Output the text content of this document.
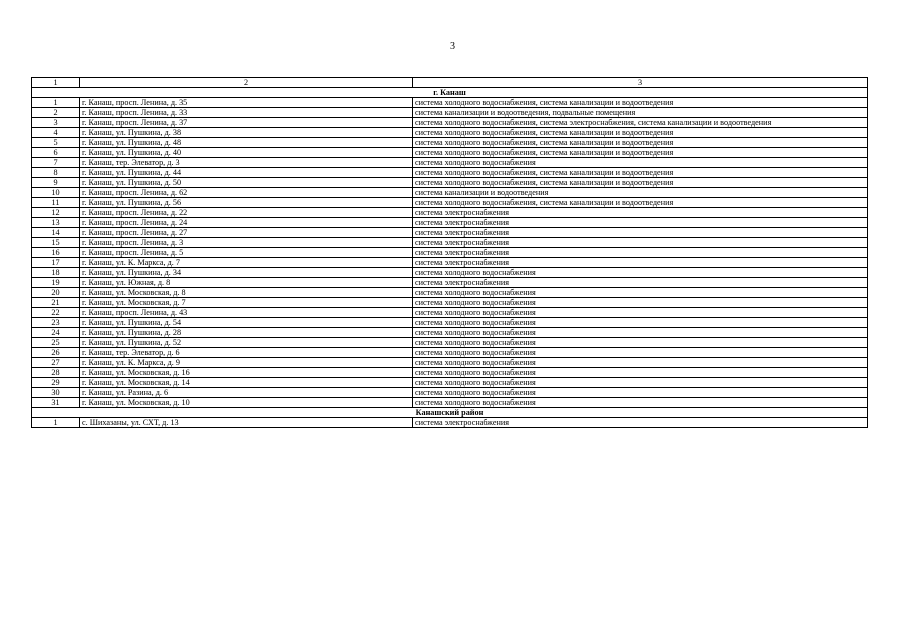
3
1	2	3
г. Канаш		
1	г. Канаш, просп. Ленина, д. 35	система холодного водоснабжения, система канализации и водоотведения
2	г. Канаш, просп. Ленина, д. 33	система канализации и водоотведения, подвальные помещения
3	г. Канаш, просп. Ленина, д. 37	система холодного водоснабжения, система электроснабжения, система канализации и водоотведения
4	г. Канаш, ул. Пушкина, д. 38	система холодного водоснабжения, система канализации и водоотведения
5	г. Канаш, ул. Пушкина, д. 48	система холодного водоснабжения, система канализации и водоотведения
6	г. Канаш, ул. Пушкина, д. 40	система холодного водоснабжения, система канализации и водоотведения
7	г. Канаш, тер. Элеватор, д. 3	система холодного водоснабжения
8	г. Канаш, ул. Пушкина, д. 44	система холодного водоснабжения, система канализации и водоотведения
9	г. Канаш, ул. Пушкина, д. 50	система холодного водоснабжения, система канализации и водоотведения
10	г. Канаш, просп. Ленина, д. 62	система канализации и водоотведения
11	г. Канаш, ул. Пушкина, д. 56	система холодного водоснабжения, система канализации и водоотведения
12	г. Канаш, просп. Ленина, д. 22	система электроснабжения
13	г. Канаш, просп. Ленина, д. 24	система электроснабжения
14	г. Канаш, просп. Ленина, д. 27	система электроснабжения
15	г. Канаш, просп. Ленина, д. 3	система электроснабжения
16	г. Канаш, просп. Ленина, д. 5	система электроснабжения
17	г. Канаш, ул. К. Маркса, д. 7	система электроснабжения
18	г. Канаш, ул. Пушкина, д. 34	система холодного водоснабжения
19	г. Канаш, ул. Южная, д. 8	система электроснабжения
20	г. Канаш, ул. Московская, д. 8	система холодного водоснабжения
21	г. Канаш, ул. Московская, д. 7	система холодного водоснабжения
22	г. Канаш, просп. Ленина, д. 43	система холодного водоснабжения
23	г. Канаш, ул. Пушкина, д. 54	система холодного водоснабжения
24	г. Канаш, ул. Пушкина, д. 28	система холодного водоснабжения
25	г. Канаш, ул. Пушкина, д. 52	система холодного водоснабжения
26	г. Канаш, тер. Элеватор, д. 6	система холодного водоснабжения
27	г. Канаш, ул. К. Маркса, д. 9	система холодного водоснабжения
28	г. Канаш, ул. Московская, д. 16	система холодного водоснабжения
29	г. Канаш, ул. Московская, д. 14	система холодного водоснабжения
30	г. Канаш, ул. Разина, д. 6	система холодного водоснабжения
31	г. Канаш, ул. Московская, д. 10	система холодного водоснабжения
Канашский район		
1	с. Шихазаны, ул. СХТ, д. 13	система электроснабжения
